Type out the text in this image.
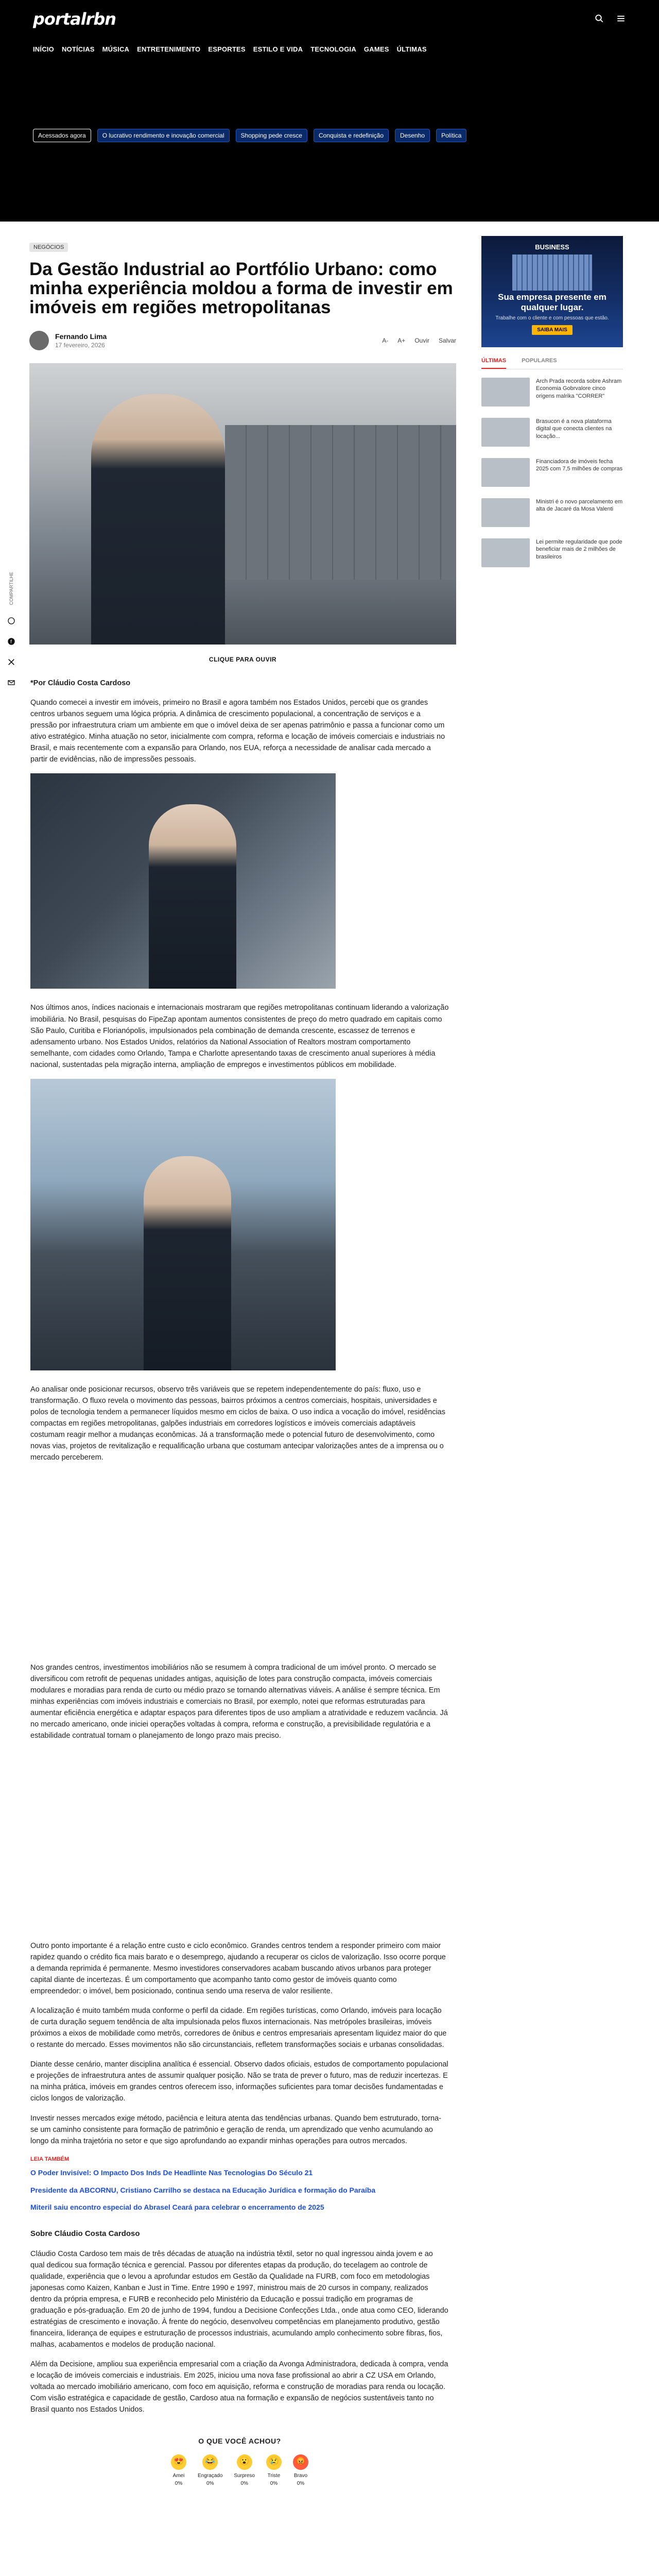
portalrbn
INÍCIO	NOTÍCIAS	MÚSICA	ENTRETENIMENTO	ESPORTES	ESTILO E VIDA	TECNOLOGIA	GAMES	ÚLTIMAS
Acessados agora	O lucrativo rendimento e inovação comercial	Shopping pede cresce	Conquista e redefinição	Desenho	Política
NEGÓCIOS
Da Gestão Industrial ao Portfólio Urbano: como minha experiência moldou a forma de investir em imóveis em regiões metropolitanas
Fernando Lima
17 fevereiro, 2026
A- A+ Ouvir Salvar
COMPARTILHE
f
CLIQUE PARA OUVIR

*Por Cláudio Costa Cardoso

Quando comecei a investir em imóveis, primeiro no Brasil e agora também nos Estados Unidos, percebi que os grandes centros urbanos seguem uma lógica própria. A dinâmica de crescimento populacional, a concentração de serviços e a pressão por infraestrutura criam um ambiente em que o imóvel deixa de ser apenas patrimônio e passa a funcionar como um ativo estratégico. Minha atuação no setor, inicialmente com compra, reforma e locação de imóveis comerciais e industriais no Brasil, e mais recentemente com a expansão para Orlando, nos EUA, reforça a necessidade de analisar cada mercado a partir de evidências, não de impressões pessoais.

Nos últimos anos, índices nacionais e internacionais mostraram que regiões metropolitanas continuam liderando a valorização imobiliária. No Brasil, pesquisas do FipeZap apontam aumentos consistentes de preço do metro quadrado em capitais como São Paulo, Curitiba e Florianópolis, impulsionados pela combinação de demanda crescente, escassez de terrenos e adensamento urbano. Nos Estados Unidos, relatórios da National Association of Realtors mostram comportamento semelhante, com cidades como Orlando, Tampa e Charlotte apresentando taxas de crescimento anual superiores à média nacional, sustentadas pela migração interna, ampliação de empregos e investimentos públicos em mobilidade.

Ao analisar onde posicionar recursos, observo três variáveis que se repetem independentemente do país: fluxo, uso e transformação. O fluxo revela o movimento das pessoas, bairros próximos a centros comerciais, hospitais, universidades e polos de tecnologia tendem a permanecer líquidos mesmo em ciclos de baixa. O uso indica a vocação do imóvel, residências compactas em regiões metropolitanas, galpões industriais em corredores logísticos e imóveis comerciais adaptáveis costumam reagir melhor a mudanças econômicas. Já a transformação mede o potencial futuro de desenvolvimento, como novas vias, projetos de revitalização e requalificação urbana que costumam antecipar valorizações antes de a imprensa ou o mercado perceberem.

Nos grandes centros, investimentos imobiliários não se resumem à compra tradicional de um imóvel pronto. O mercado se diversificou com retrofit de pequenas unidades antigas, aquisição de lotes para construção compacta, imóveis comerciais modulares e moradias para renda de curto ou médio prazo se tornando alternativas viáveis. A análise é sempre técnica. Em minhas experiências com imóveis industriais e comerciais no Brasil, por exemplo, notei que reformas estruturadas para aumentar eficiência energética e adaptar espaços para diferentes tipos de uso ampliam a atratividade e reduzem vacância. Já no mercado americano, onde iniciei operações voltadas à compra, reforma e construção, a previsibilidade regulatória e a estabilidade contratual tornam o planejamento de longo prazo mais preciso.

Outro ponto importante é a relação entre custo e ciclo econômico. Grandes centros tendem a responder primeiro com maior rapidez quando o crédito fica mais barato e o desemprego, ajudando a recuperar os ciclos de valorização. Isso ocorre porque a demanda reprimida é permanente. Mesmo investidores conservadores acabam buscando ativos urbanos para proteger capital diante de incertezas. É um comportamento que acompanho tanto como gestor de imóveis quanto como empreendedor: o imóvel, bem posicionado, continua sendo uma reserva de valor resiliente.

A localização é muito também muda conforme o perfil da cidade. Em regiões turísticas, como Orlando, imóveis para locação de curta duração seguem tendência de alta impulsionada pelos fluxos internacionais. Nas metrópoles brasileiras, imóveis próximos a eixos de mobilidade como metrôs, corredores de ônibus e centros empresariais apresentam liquidez maior do que o restante do mercado. Esses movimentos não são circunstanciais, refletem transformações sociais e urbanas consolidadas.

Diante desse cenário, manter disciplina analítica é essencial. Observo dados oficiais, estudos de comportamento populacional e projeções de infraestrutura antes de assumir qualquer posição. Não se trata de prever o futuro, mas de reduzir incertezas. E na minha prática, imóveis em grandes centros oferecem isso, informações suficientes para tomar decisões fundamentadas e ciclos longos de valorização.

Investir nesses mercados exige método, paciência e leitura atenta das tendências urbanas. Quando bem estruturado, torna-se um caminho consistente para formação de patrimônio e geração de renda, um aprendizado que venho acumulando ao longo da minha trajetória no setor e que sigo aprofundando ao expandir minhas operações para outros mercados.

LEIA TAMBÉM
O Poder Invisível: O Impacto Dos Inds De Headlinte Nas Tecnologias Do Século 21
Presidente da ABCORNU, Cristiano Carrilho se destaca na Educação Jurídica e formação do Paraíba
Miteril saiu encontro especial do Abrasel Ceará para celebrar o encerramento de 2025
Sobre Cláudio Costa Cardoso

Cláudio Costa Cardoso tem mais de três décadas de atuação na indústria têxtil, setor no qual ingressou ainda jovem e ao qual dedicou sua formação técnica e gerencial. Passou por diferentes etapas da produção, do tecelagem ao controle de qualidade, experiência que o levou a aprofundar estudos em Gestão da Qualidade na FURB, com foco em metodologias japonesas como Kaizen, Kanban e Just in Time. Entre 1990 e 1997, ministrou mais de 20 cursos in company, realizados dentro da própria empresa, e FURB e reconhecido pelo Ministério da Educação e possui tradição em programas de graduação e pós-graduação. Em 20 de junho de 1994, fundou a Decisione Confecções Ltda., onde atua como CEO, liderando estratégias de crescimento e inovação. À frente do negócio, desenvolveu competências em planejamento produtivo, gestão financeira, liderança de equipes e estruturação de processos industriais, acumulando amplo conhecimento sobre fibras, fios, malhas, acabamentos e modelos de produção nacional.

Além da Decisione, ampliou sua experiência empresarial com a criação da Avonga Administradora, dedicada à compra, venda e locação de imóveis comerciais e industriais. Em 2025, iniciou uma nova fase profissional ao abrir a CZ USA em Orlando, voltada ao mercado imobiliário americano, com foco em aquisição, reforma e construção de moradias para renda ou locação. Com visão estratégica e capacidade de gestão, Cardoso atua na formação e expansão de negócios sustentáveis tanto no Brasil quanto nos Estados Unidos.

O QUE VOCÊ ACHOU?
😍
Amei
0%
😂
Engraçado
0%
😮
Surpreso
0%
😢
Triste
0%
😡
Bravo
0%
BUSINESS
Sua empresa presente em qualquer lugar.
Trabalhe com o cliente e com pessoas que estão.
SAIBA MAIS
ÚLTIMAS	POPULARES
Arch Prada recorda sobre Ashram Economia Gobrvalore cinco origens malrika "CORRER"
Brasucon é a nova plataforma digital que conecta clientes na locação...
Financiadora de imóveis fecha 2025 com 7,5 milhões de compras
Ministri é o novo parcelamento em alta de Jacaré da Mosa Valenti
Lei permite regularidade que pode beneficiar mais de 2 milhões de brasileiros
